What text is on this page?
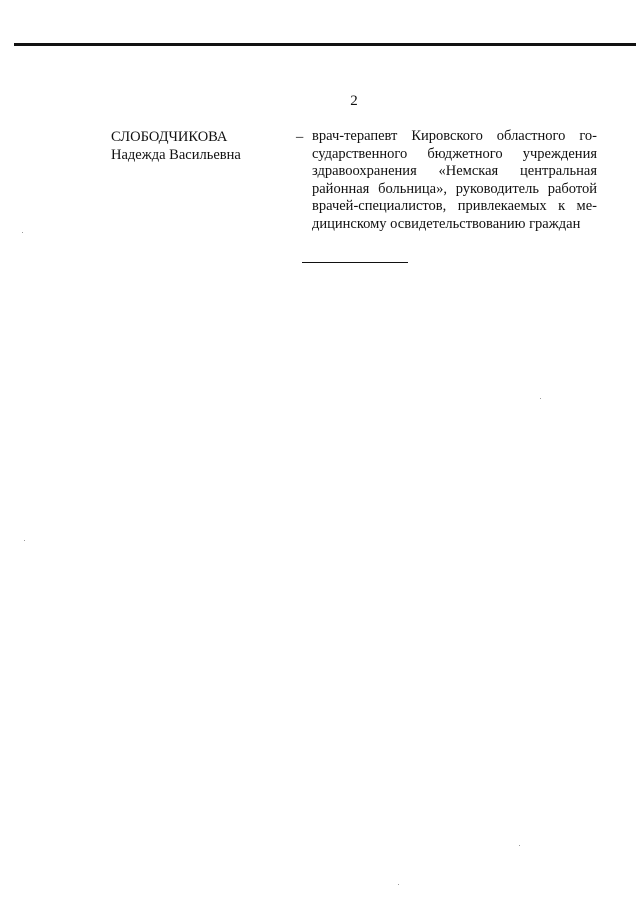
2
СЛОБОДЧИКОВА
Надежда Васильевна
– врач-терапевт Кировского областного го-
сударственного бюджетного учреждения
здравоохранения «Немская центральная
районная больница», руководитель работой
врачей-специалистов, привлекаемых к ме-
дицинскому освидетельствованию граждан
